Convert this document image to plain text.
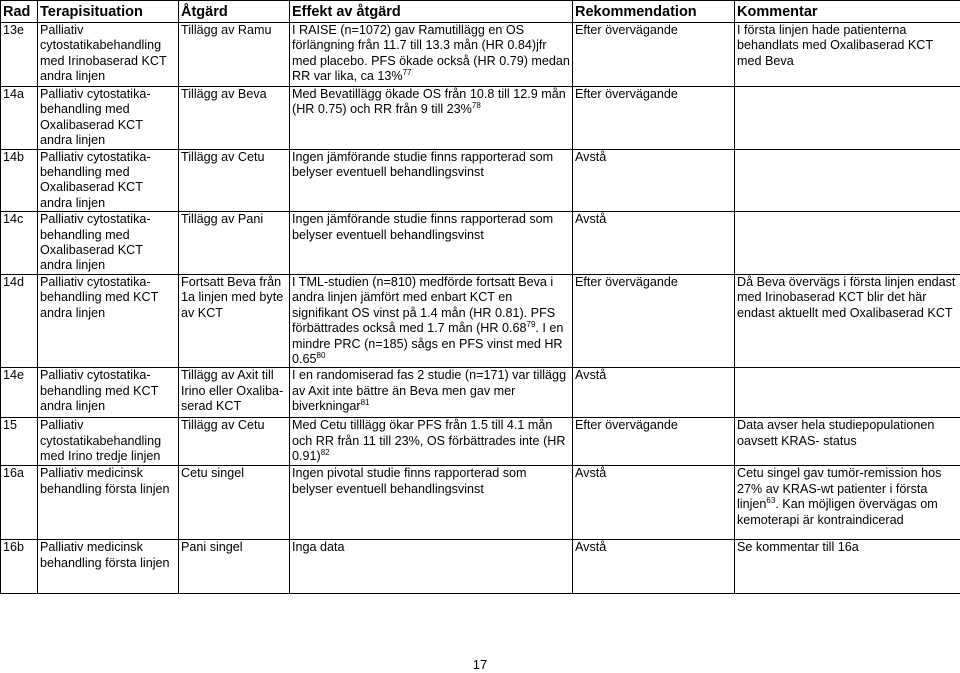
Rad	Terapisituation	Åtgärd	Effekt av åtgärd	Rekommendation	Kommentar
13e	Palliativ cytostatikabehandling med Irinobaserad KCT andra linjen	Tillägg av Ramu	I RAISE (n=1072) gav Ramutillägg en OS förlängning från 11.7 till 13.3 mån (HR 0.84)jfr med placebo. PFS ökade också (HR 0.79) medan RR var lika, ca 13%$^{77}$	Efter övervägande	I första linjen hade patienterna behandlats med Oxalibaserad KCT med Beva
14a	Palliativ cytostatika-behandling med Oxalibaserad KCT andra linjen	Tillägg av Beva	Med Bevatillägg ökade OS från 10.8 till 12.9 mån (HR 0.75) och RR från 9 till 23%$^{78}$	Efter övervägande	
14b	Palliativ cytostatika-behandling med Oxalibaserad KCT andra linjen	Tillägg av Cetu	Ingen jämförande studie finns rapporterad som belyser eventuell behandlingsvinst	Avstå	
14c	Palliativ cytostatika-behandling med Oxalibaserad KCT andra linjen	Tillägg av Pani	Ingen jämförande studie finns rapporterad som belyser eventuell behandlingsvinst	Avstå	
14d	Palliativ cytostatika-behandling med KCT andra linjen	Fortsatt Beva från 1a linjen med byte av KCT	I TML-studien (n=810) medförde fortsatt Beva i andra linjen jämfört med enbart KCT en signifikant OS vinst på 1.4 mån (HR 0.81). PFS förbättrades också med 1.7 mån (HR 0.68$^{79}$. I en mindre PRC (n=185) sågs en PFS vinst med HR 0.65$^{80}$	Efter övervägande	Då Beva övervägs i första linjen endast med Irinobaserad KCT blir det här endast aktuellt med Oxalibaserad KCT
14e	Palliativ cytostatika-behandling med KCT andra linjen	Tillägg av Axit till Irino eller Oxaliba-serad KCT	I en randomiserad fas 2 studie (n=171) var tillägg av Axit inte bättre än Beva men gav mer biverkningar$^{81}$	Avstå	
15	Palliativ cytostatikabehandling med Irino tredje linjen	Tillägg av Cetu	Med Cetu tilllägg ökar PFS från 1.5 till 4.1 mån och RR från 11 till 23%, OS förbättrades inte (HR 0.91)$^{82}$	Efter övervägande	Data avser hela studiepopulationen oavsett KRAS- status
16a	Palliativ medicinsk behandling första linjen	Cetu singel	Ingen pivotal studie finns rapporterad som belyser eventuell behandlingsvinst	Avstå	Cetu singel gav tumör-remission hos 27% av KRAS-wt patienter i första linjen$^{63}$. Kan möjligen övervägas om kemoterapi är kontraindicerad
16b	Palliativ medicinsk behandling första linjen	Pani singel	Inga data	Avstå	Se kommentar till 16a
17
